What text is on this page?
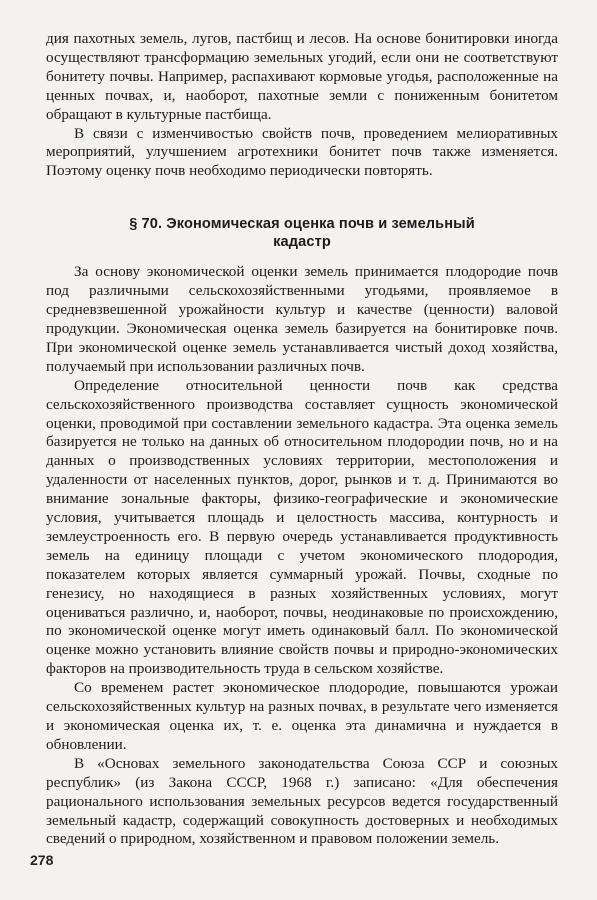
дия пахотных земель, лугов, пастбищ и лесов. На основе бонитировки иногда осуществляют трансформацию земельных угодий, если они не соответствуют бонитету почвы. Например, распахивают кормовые угодья, расположенные на ценных почвах, и, наоборот, пахотные земли с пониженным бонитетом обращают в культурные пастбища.

В связи с изменчивостью свойств почв, проведением мелиоративных мероприятий, улучшением агротехники бонитет почв также изменяется. Поэтому оценку почв необходимо периодически повторять.

§ 70. Экономическая оценка почв и земельный
кадастр

За основу экономической оценки земель принимается плодородие почв под различными сельскохозяйственными угодьями, проявляемое в средневзвешенной урожайности культур и качестве (ценности) валовой продукции. Экономическая оценка земель базируется на бонитировке почв. При экономической оценке земель устанавливается чистый доход хозяйства, получаемый при использовании различных почв.

Определение относительной ценности почв как средства сельскохозяйственного производства составляет сущность экономической оценки, проводимой при составлении земельного кадастра. Эта оценка земель базируется не только на данных об относительном плодородии почв, но и на данных о производственных условиях территории, местоположения и удаленности от населенных пунктов, дорог, рынков и т. д. Принимаются во внимание зональные факторы, физико-географические и экономические условия, учитывается площадь и целостность массива, контурность и землеустроенность его. В первую очередь устанавливается продуктивность земель на единицу площади с учетом экономического плодородия, показателем которых является суммарный урожай. Почвы, сходные по генезису, но находящиеся в разных хозяйственных условиях, могут оцениваться различно, и, наоборот, почвы, неодинаковые по происхождению, по экономической оценке могут иметь одинаковый балл. По экономической оценке можно установить влияние свойств почвы и природно-экономических факторов на производительность труда в сельском хозяйстве.

Со временем растет экономическое плодородие, повышаются урожаи сельскохозяйственных культур на разных почвах, в результате чего изменяется и экономическая оценка их, т. е. оценка эта динамична и нуждается в обновлении.

В «Основах земельного законодательства Союза ССР и союзных республик» (из Закона СССР, 1968 г.) записано: «Для обеспечения рационального использования земельных ресурсов ведется государственный земельный кадастр, содержащий совокупность достоверных и необходимых сведений о природном, хозяйственном и правовом положении земель.

278
